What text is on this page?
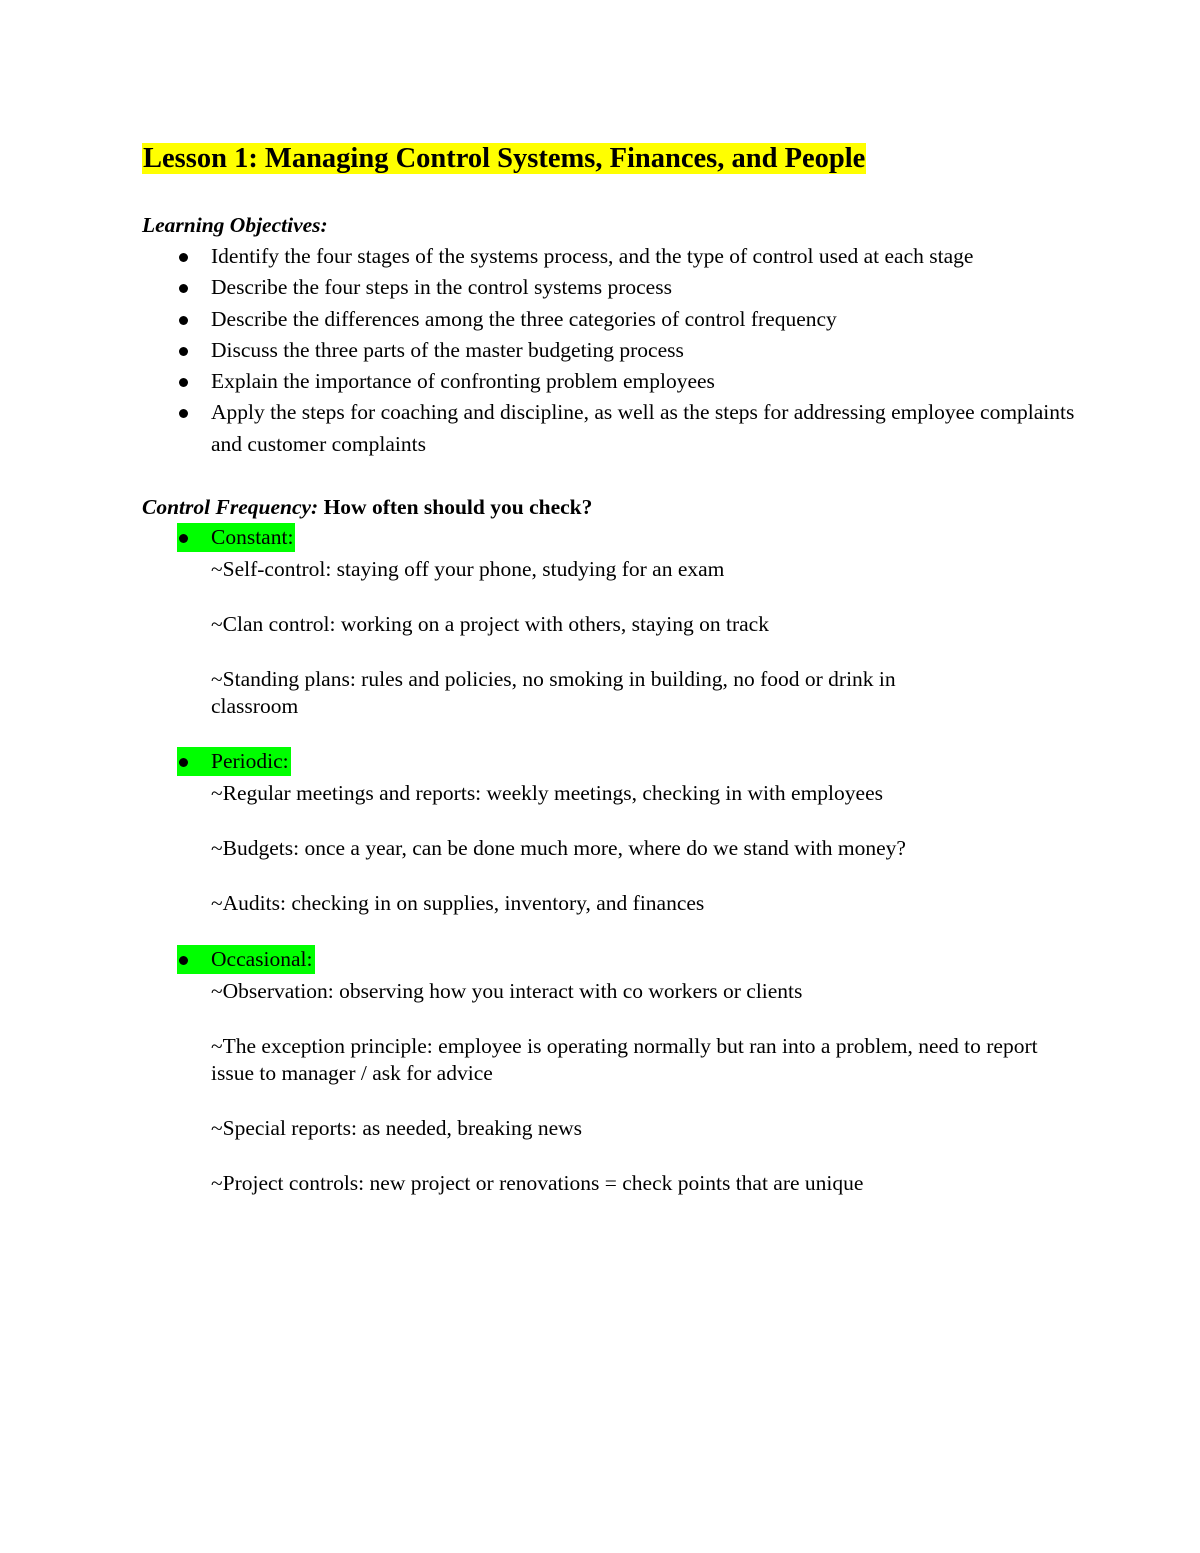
Lesson 1: Managing Control Systems, Finances, and People
Learning Objectives:
Identify the four stages of the systems process, and the type of control used at each stage
Describe the four steps in the control systems process
Describe the differences among the three categories of control frequency
Discuss the three parts of the master budgeting process
Explain the importance of confronting problem employees
Apply the steps for coaching and discipline, as well as the steps for addressing employee complaints and customer complaints
Control Frequency: How often should you check?
Constant:
~Self-control: staying off your phone, studying for an exam
~Clan control: working on a project with others, staying on track
~Standing plans: rules and policies, no smoking in building, no food or drink in classroom
Periodic:
~Regular meetings and reports: weekly meetings, checking in with employees
~Budgets: once a year, can be done much more, where do we stand with money?
~Audits: checking in on supplies, inventory, and finances
Occasional:
~Observation: observing how you interact with co workers or clients
~The exception principle: employee is operating normally but ran into a problem, need to report issue to manager / ask for advice
~Special reports: as needed, breaking news
~Project controls: new project or renovations = check points that are unique
